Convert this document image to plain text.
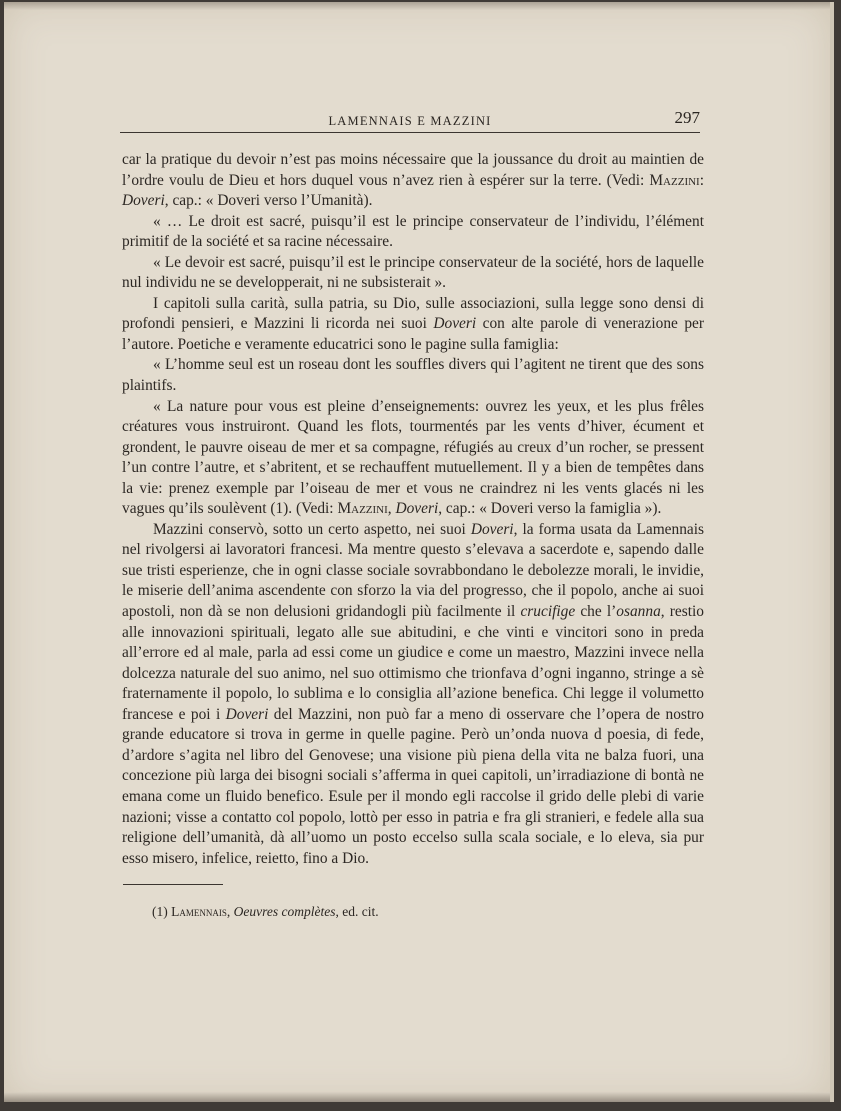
LAMENNAIS E MAZZINI	297

car la pratique du devoir n’est pas moins nécessaire que la joussance du droit au maintien de l’ordre voulu de Dieu et hors duquel vous n’avez rien à espérer sur la terre. (Vedi: Mazzini: Doveri, cap.: « Doveri verso l’Umanità).

« … Le droit est sacré, puisqu’il est le principe conservateur de l’individu, l’élément primitif de la société et sa racine nécessaire.

« Le devoir est sacré, puisqu’il est le principe conservateur de la société, hors de laquelle nul individu ne se developperait, ni ne subsisterait ».

I capitoli sulla carità, sulla patria, su Dio, sulle associazioni, sulla legge sono densi di profondi pensieri, e Mazzini li ricorda nei suoi Doveri con alte parole di venerazione per l’autore. Poetiche e veramente educatrici sono le pagine sulla famiglia:

« L’homme seul est un roseau dont les souffles divers qui l’agitent ne tirent que des sons plaintifs.

« La nature pour vous est pleine d’enseignements: ouvrez les yeux, et les plus frêles créatures vous instruiront. Quand les flots, tourmentés par les vents d’hiver, écument et grondent, le pauvre oiseau de mer et sa compagne, réfugiés au creux d’un rocher, se pressent l’un contre l’autre, et s’abritent, et se rechauffent mutuellement. Il y a bien de tempêtes dans la vie: prenez exemple par l’oiseau de mer et vous ne craindrez ni les vents glacés ni les vagues qu’ils soulèvent (1). (Vedi: Mazzini, Doveri, cap.: « Doveri verso la famiglia »).

Mazzini conservò, sotto un certo aspetto, nei suoi Doveri, la forma usata da Lamennais nel rivolgersi ai lavoratori francesi. Ma mentre questo s’elevava a sacerdote e, sapendo dalle sue tristi esperienze, che in ogni classe sociale sovrabbondano le debolezze morali, le invidie, le miserie dell’anima ascendente con sforzo la via del progresso, che il popolo, anche ai suoi apostoli, non dà se non delusioni gridandogli più facilmente il crucifige che l’osanna, restio alle innovazioni spirituali, legato alle sue abitudini, e che vinti e vincitori sono in preda all’errore ed al male, parla ad essi come un giudice e come un maestro, Mazzini invece nella dolcezza naturale del suo animo, nel suo ottimismo che trionfava d’ogni inganno, stringe a sè fraternamente il popolo, lo sublima e lo consiglia all’azione benefica. Chi legge il volumetto francese e poi i Doveri del Mazzini, non può far a meno di osservare che l’opera de nostro grande educatore si trova in germe in quelle pagine. Però un’onda nuova d poesia, di fede, d’ardore s’agita nel libro del Genovese; una visione più piena della vita ne balza fuori, una concezione più larga dei bisogni sociali s’afferma in quei capitoli, un’irradiazione di bontà ne emana come un fluido benefico. Esule per il mondo egli raccolse il grido delle plebi di varie nazioni; visse a contatto col popolo, lottò per esso in patria e fra gli stranieri, e fedele alla sua religione dell’umanità, dà all’uomo un posto eccelso sulla scala sociale, e lo eleva, sia pur esso misero, infelice, reietto, fino a Dio.

(1) Lamennais, Oeuvres complètes, ed. cit.
